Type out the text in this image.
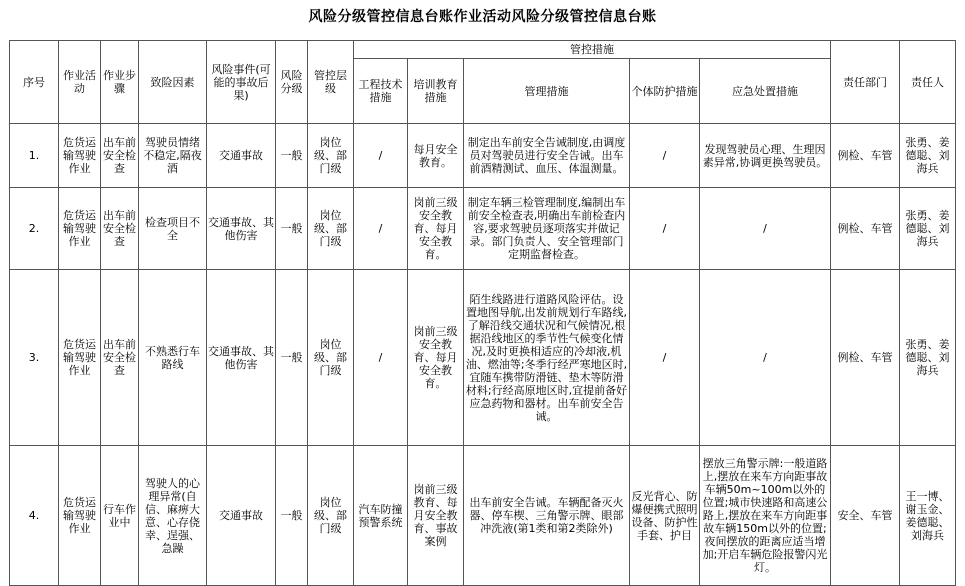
风险分级管控信息台账作业活动风险分级管控信息台账
序号	作业活动	作业步骤	致险因素	风险事件(可能的事故后果)	风险分级	管控层级	管控措施					责任部门	责任人
							工程技术措施	培训教育措施	管理措施	个体防护措施	应急处置措施		
1.	危货运输驾驶作业	出车前安全检查	驾驶员情绪不稳定,隔夜酒	交通事故	一般	岗位级、部门级	/	每月安全教育。	制定出车前安全告诫制度,由调度员对驾驶员进行安全告诫。出车前酒精测试、血压、体温测量。	/	发现驾驶员心理、生理因素异常,协调更换驾驶员。	例检、车管	张勇、姜德聪、刘海兵
2.	危货运输驾驶作业	出车前安全检查	检查项目不全	交通事故、其他伤害	一般	岗位级、部门级	/	岗前三级安全教育、每月安全教育。	制定车辆三检管理制度,编制出车前安全检查表,明确出车前检查内容,要求驾驶员逐项落实并做记录。部门负责人、安全管理部门定期监督检查。	/	/	例检、车管	张勇、姜德聪、刘海兵
3.	危货运输驾驶作业	出车前安全检查	不熟悉行车路线	交通事故、其他伤害	一般	岗位级、部门级	/	岗前三级安全教育、每月安全教育。	陌生线路进行道路风险评估。设置地图导航,出发前规划行车路线,了解沿线交通状况和气候情况,根据沿线地区的季节性气候变化情况,及时更换相适应的冷却液,机油、燃油等;冬季行经严寒地区时,宜随车携带防滑链、垫木等防滑材料;行经高原地区时,宜提前备好应急药物和器材。出车前安全告诫。	/	/	例检、车管	张勇、姜德聪、刘海兵
4.	危货运输驾驶作业	行车作业中	驾驶人的心理异常(自信、麻痹大意、心存侥幸、逞强、急躁	交通事故	一般	岗位级、部门级	汽车防撞预警系统	岗前三级教育、每月安全教育、事故案例	出车前安全告诫。车辆配备灭火器、停车楔、三角警示牌、眼部冲洗液(第1类和第2类除外)	反光背心、防爆便携式照明设备、防护性手套、护目	摆放三角警示牌:一般道路上,摆放在来车方向距事故车辆50m~100m以外的位置;城市快速路和高速公路上,摆放在来车方向距事故车辆150m以外的位置;夜间摆放的距离应适当增加;开启车辆危险报警闪光灯。	安全、车管	王一博、谢玉金、姜德聪、刘海兵
